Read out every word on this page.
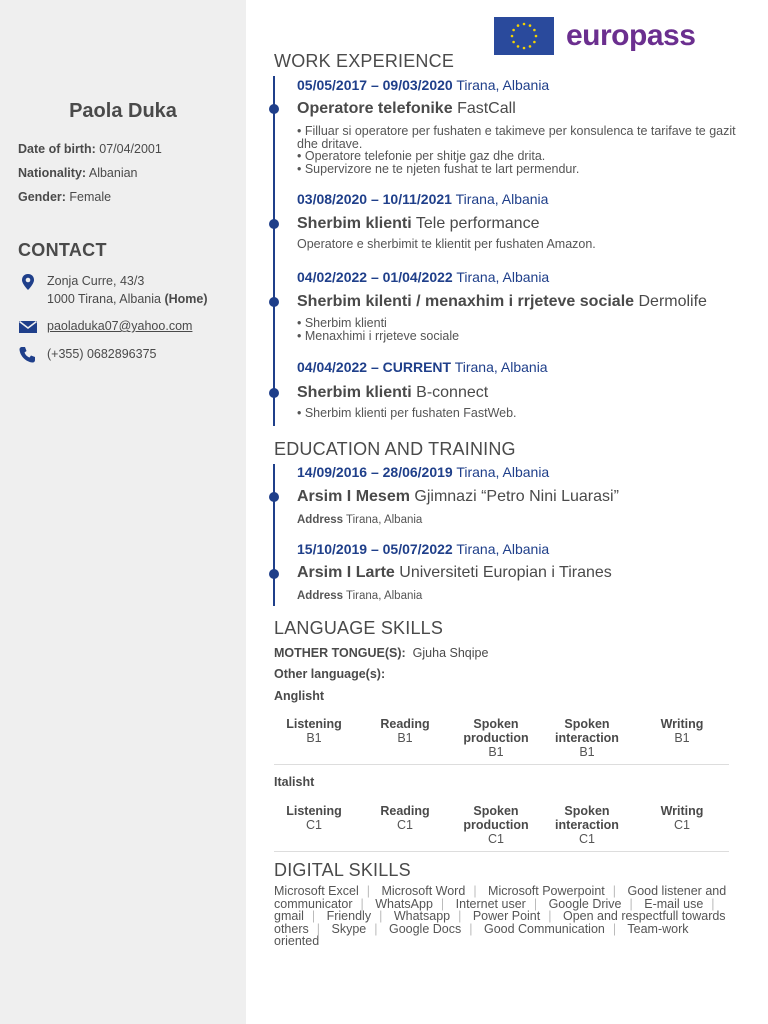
Paola Duka
Date of birth: 07/04/2001
Nationality: Albanian
Gender: Female
CONTACT
Zonja Curre, 43/3
1000 Tirana, Albania (Home)
paoladuka07@yahoo.com
(+355) 0682896375
europass
WORK EXPERIENCE
05/05/2017 – 09/03/2020 Tirana, Albania
Operatore telefonike FastCall
• Filluar si operatore per fushaten e takimeve per konsulenca te tarifave te gazit dhe dritave.
• Operatore telefonie per shitje gaz dhe drita.
• Supervizore ne te njeten fushat te lart permendur.
03/08/2020 – 10/11/2021 Tirana, Albania
Sherbim klienti Tele performance
Operatore e sherbimit te klientit per fushaten Amazon.
04/02/2022 – 01/04/2022 Tirana, Albania
Sherbim kilenti / menaxhim i rrjeteve sociale Dermolife
• Sherbim klienti
• Menaxhimi i rrjeteve sociale
04/04/2022 – CURRENT Tirana, Albania
Sherbim klienti B-connect
• Sherbim klienti per fushaten FastWeb.
EDUCATION AND TRAINING
14/09/2016 – 28/06/2019 Tirana, Albania
Arsim I Mesem Gjimnazi “Petro Nini Luarasi”
Address Tirana, Albania
15/10/2019 – 05/07/2022 Tirana, Albania
Arsim I Larte Universiteti Europian i Tiranes
Address Tirana, Albania
LANGUAGE SKILLS
MOTHER TONGUE(S): Gjuha Shqipe
Other language(s):
Anglisht
Listening
B1
Reading
B1
Spoken
production
B1
Spoken
interaction
B1
Writing
B1
Italisht
Listening
C1
Reading
C1
Spoken
production
C1
Spoken
interaction
C1
Writing
C1
DIGITAL SKILLS
Microsoft Excel | Microsoft Word | Microsoft Powerpoint | Good listener and communicator | WhatsApp | Internet user | Google Drive | E-mail use | gmail | Friendly | Whatsapp | Power Point | Open and respectfull towards others | Skype | Google Docs | Good Communication | Team-work oriented
